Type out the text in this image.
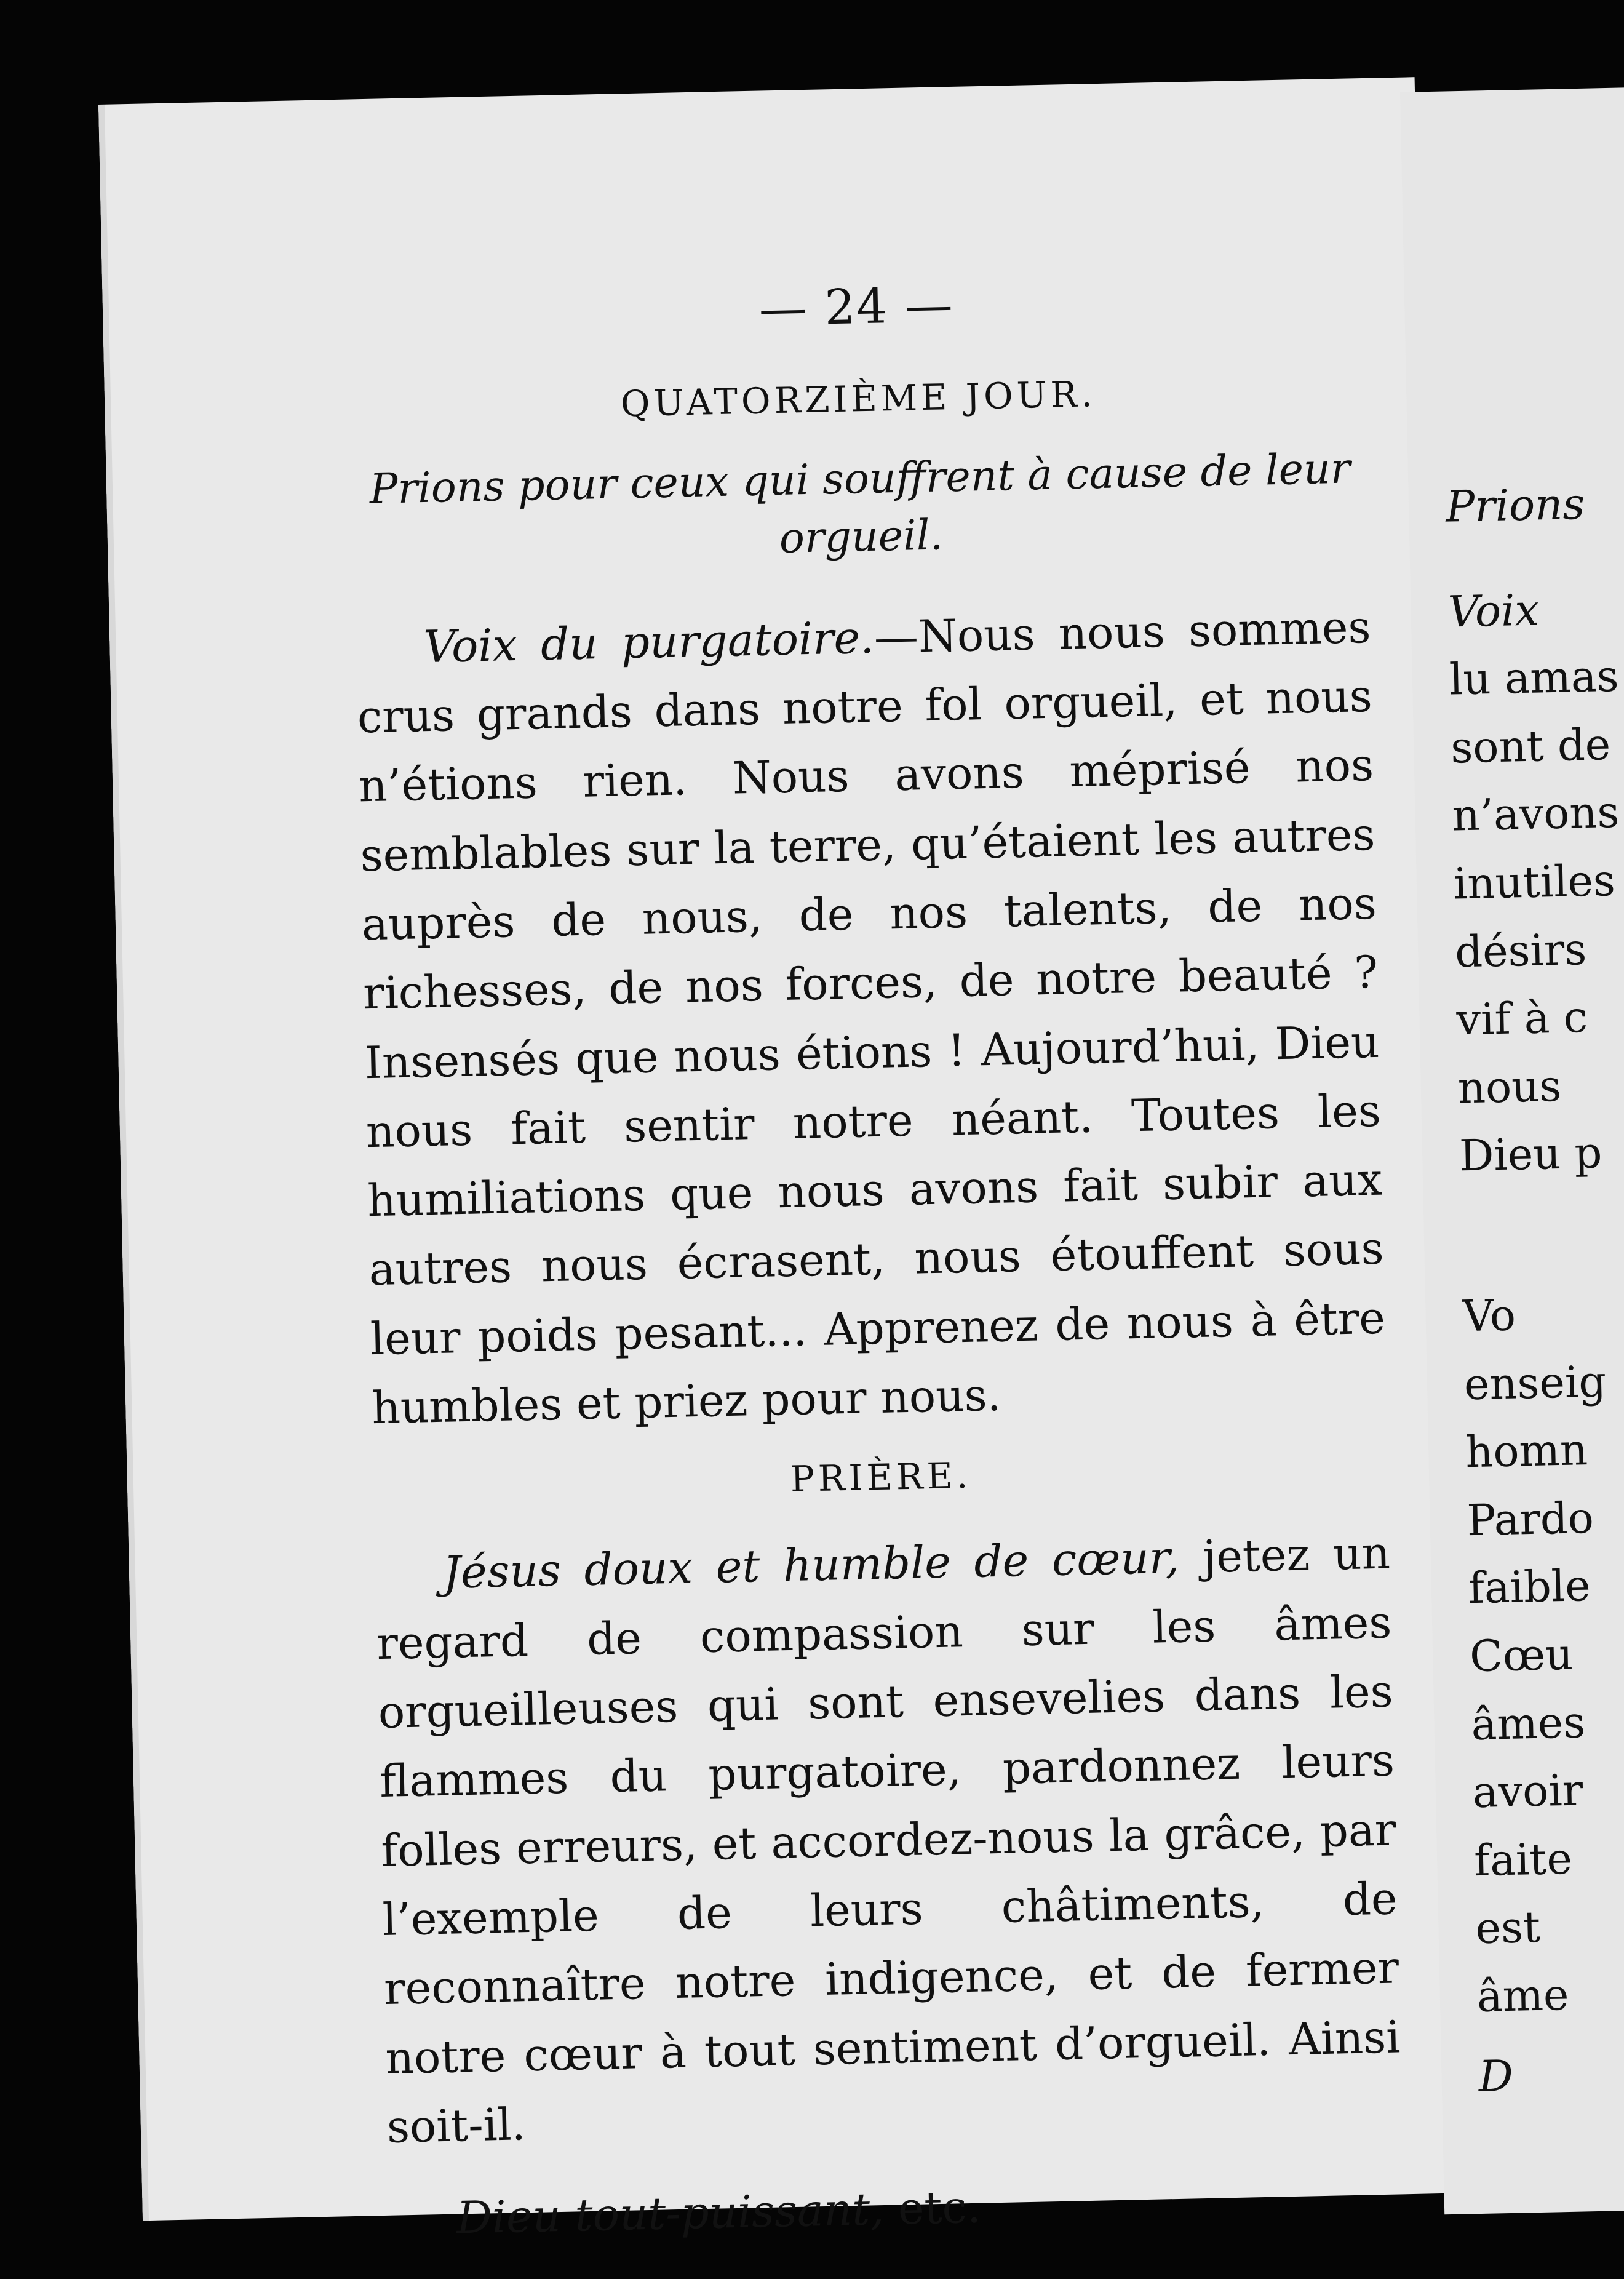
— 24 —
QUATORZIÈME JOUR.
Prions pour ceux qui souffrent à cause de leur orgueil.

Voix du purgatoire.—Nous nous sommes crus grands dans notre fol orgueil, et nous n’étions rien. Nous avons méprisé nos semblables sur la terre, qu’étaient les autres auprès de nous, de nos talents, de nos richesses, de nos forces, de notre beauté ? Insensés que nous étions ! Aujourd’hui, Dieu nous fait sentir notre néant. Toutes les humiliations que nous avons fait subir aux autres nous écrasent, nous étouffent sous leur poids pesant... Apprenez de nous à être humbles et priez pour nous.

PRIÈRE.

Jésus doux et humble de cœur, jetez un regard de compassion sur les âmes orgueilleuses qui sont ensevelies dans les flammes du purgatoire, pardonnez leurs folles erreurs, et accordez-nous la grâce, par l’exemple de leurs châtiments, de reconnaître notre indigence, et de fermer notre cœur à tout sentiment d’orgueil. Ainsi soit-il.

Dieu tout-puissant, etc.

Prions
Voix
lu amas
sont de
n’avons
inutiles
désirs
vif à c
nous
Dieu p
Vo
enseig
homn
Pardo
faible
Cœu
âmes
avoir
faite
est
âme
D
